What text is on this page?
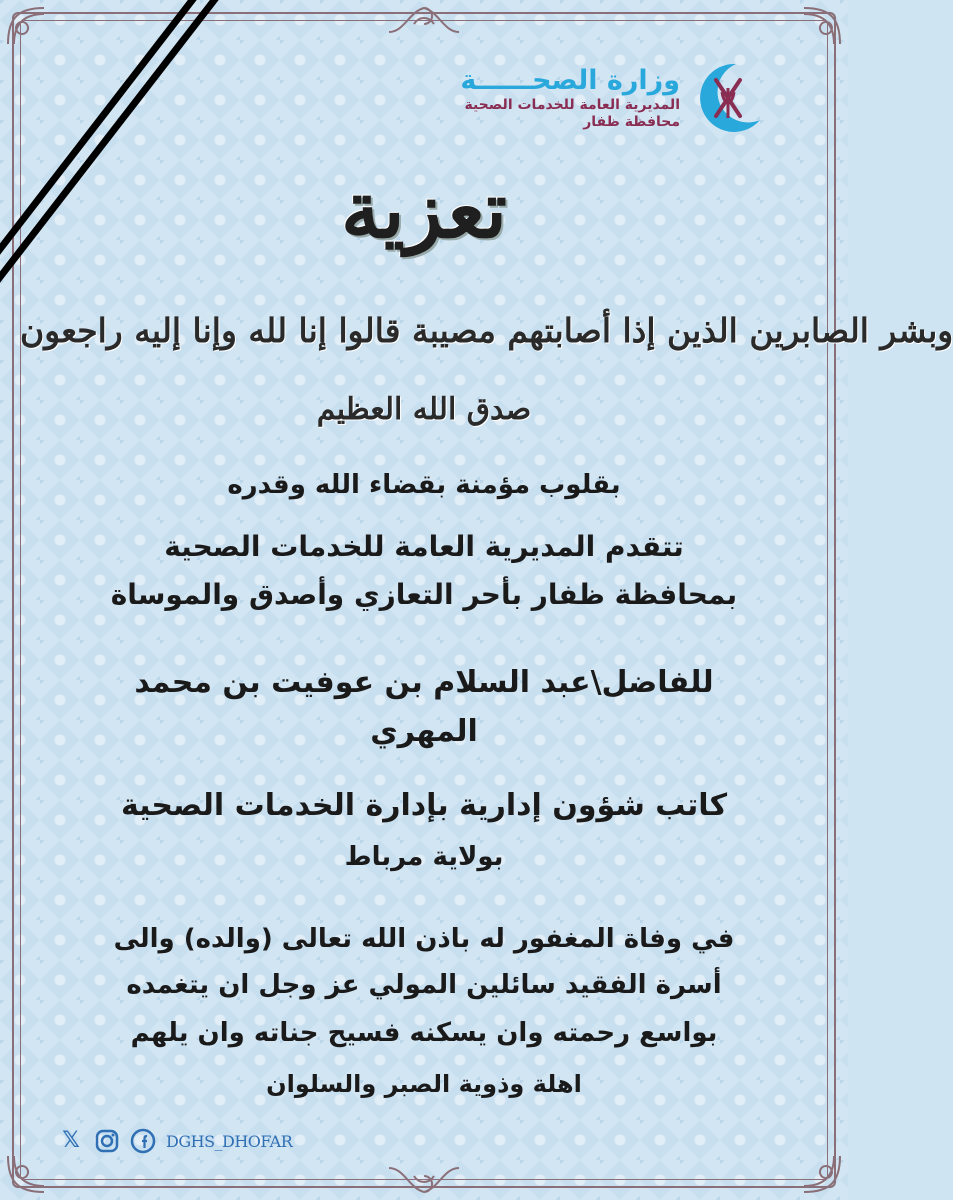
وزارة الصحــــــة
المديرية العامة للخدمات الصحية
محافظة ظفار
تعزية
وبشر الصابرين الذين إذا أصابتهم مصيبة قالوا إنا لله وإنا إليه راجعون
صدق الله العظيم
بقلوب مؤمنة بقضاء الله وقدره
تتقدم المديرية العامة للخدمات الصحية
بمحافظة ظفار بأحر التعازي وأصدق والموساة
للفاضل\عبد السلام بن عوفيت بن محمد
المهري
كاتب شؤون إدارية بإدارة الخدمات الصحية
بولاية مرباط
في وفاة المغفور له باذن الله تعالى (والده) والى
أسرة الفقيد سائلين المولي عز وجل ان يتغمده
بواسع رحمته وان يسكنه فسيح جناته وان يلهم
اهلة وذوية الصبر والسلوان
𝕏	DGHS_DHOFAR
